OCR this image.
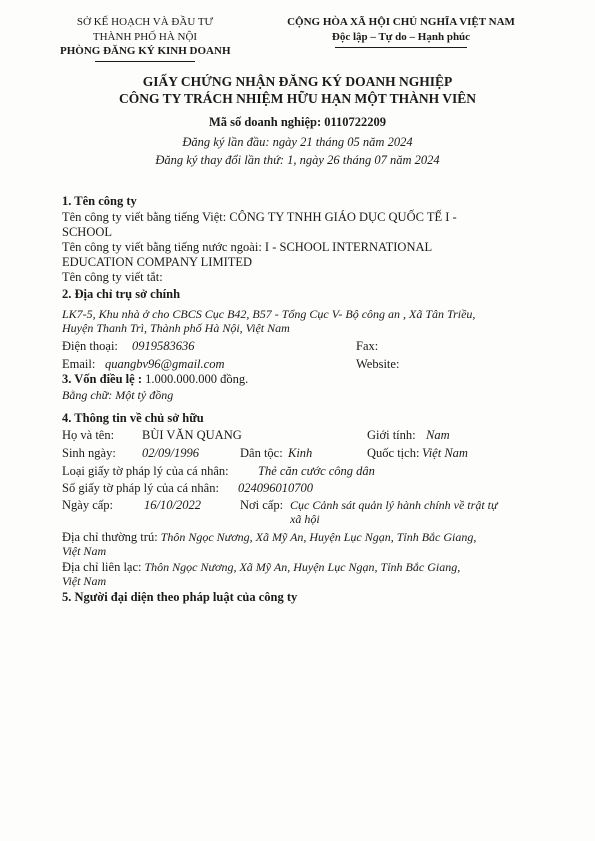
SỞ KẾ HOẠCH VÀ ĐẦU TƯ
THÀNH PHỐ HÀ NỘI
PHÒNG ĐĂNG KÝ KINH DOANH
CỘNG HÒA XÃ HỘI CHỦ NGHĨA VIỆT NAM
Độc lập – Tự do – Hạnh phúc
GIẤY CHỨNG NHẬN ĐĂNG KÝ DOANH NGHIỆP
CÔNG TY TRÁCH NHIỆM HỮU HẠN MỘT THÀNH VIÊN
Mã số doanh nghiệp: 0110722209
Đăng ký lần đầu: ngày 21 tháng 05 năm 2024
Đăng ký thay đổi lần thứ: 1, ngày 26 tháng 07 năm 2024
1. Tên công ty
Tên công ty viết bằng tiếng Việt: CÔNG TY TNHH GIÁO DỤC QUỐC TẾ I -
SCHOOL
Tên công ty viết bằng tiếng nước ngoài: I - SCHOOL INTERNATIONAL
EDUCATION COMPANY LIMITED
Tên công ty viết tắt:
2. Địa chỉ trụ sở chính
LK7-5, Khu nhà ở cho CBCS Cục B42, B57 - Tổng Cục V- Bộ công an , Xã Tân Triều,
Huyện Thanh Trì, Thành phố Hà Nội, Việt Nam
Điện thoại: 0919583636	Fax:
Email: quangbv96@gmail.com	Website:
3. Vốn điều lệ : 1.000.000.000 đồng.
Bằng chữ: Một tỷ đồng
4. Thông tin về chủ sở hữu
Họ và tên: BÙI VĂN QUANG	Giới tính: Nam
Sinh ngày: 02/09/1996	Dân tộc: Kinh	Quốc tịch: Việt Nam
Loại giấy tờ pháp lý của cá nhân: Thẻ căn cước công dân
Số giấy tờ pháp lý của cá nhân: 024096010700
Ngày cấp: 16/10/2022	Nơi cấp: Cục Cảnh sát quản lý hành chính về trật tự
xã hội
Địa chỉ thường trú: Thôn Ngọc Nương, Xã Mỹ An, Huyện Lục Ngạn, Tỉnh Bắc Giang,
Việt Nam
Địa chỉ liên lạc: Thôn Ngọc Nương, Xã Mỹ An, Huyện Lục Ngạn, Tỉnh Bắc Giang,
Việt Nam
5. Người đại diện theo pháp luật của công ty
